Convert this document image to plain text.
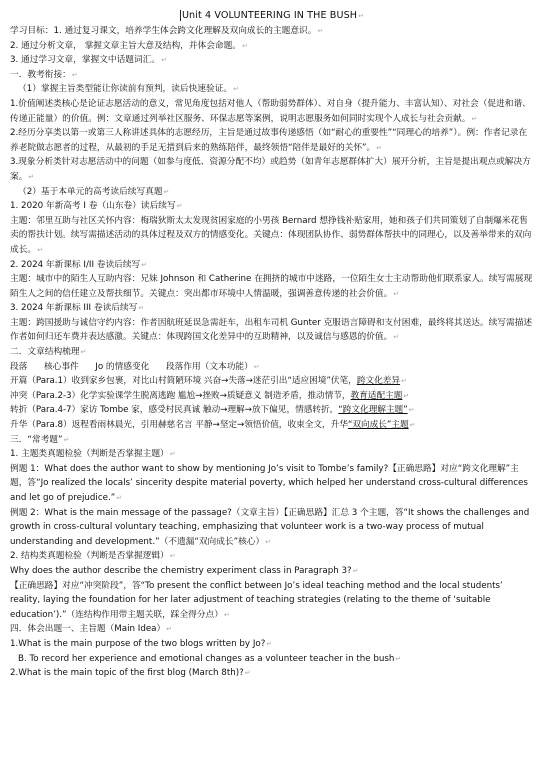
Unit 4 VOLUNTEERING IN THE BUSH↵

学习目标：1. 通过复习课文，培养学生体会跨文化理解及双向成长的主题意识。↵

2. 通过分析文章， 掌握文章主旨大意及结构，并体会命题。↵

3. 通过学习文章，掌握文中话题词汇。↵

一．教考衔接：↵

（1）掌握主旨类型能让你读前有预判，读后快速验证。↵

1.价值阐述类核心是论证志愿活动的意义，常见角度包括对他人（帮助弱势群体）、对自身（提升能力、丰富认知）、对社会（促进和谐、传递正能量）的价值。例：文章通过列举社区服务、环保志愿等案例，说明志愿服务如何同时实现个人成长与社会贡献。↵

2.经历分享类以第一或第三人称讲述具体的志愿经历，主旨是通过故事传递感悟（如“耐心的重要性”“同理心的培养”）。例：作者记录在养老院做志愿者的过程，从最初的手足无措到后来的熟练陪伴，最终领悟“陪伴是最好的关怀”。↵

3.现象分析类针对志愿活动中的问题（如参与度低、资源分配不均）或趋势（如青年志愿群体扩大）展开分析，主旨是提出观点或解决方案。↵

（2）基于本单元的高考读后续写真题↵

1. 2020 年新高考 I 卷（山东卷）读后续写↵

主题：邻里互助与社区关怀内容：梅瑞狄斯太太发现贫困家庭的小男孩 Bernard 想挣钱补贴家用，她和孩子们共同策划了自制爆米花售卖的帮扶计划。续写需描述活动的具体过程及双方的情感变化。关键点：体现团队协作、弱势群体帮扶中的同理心，以及善举带来的双向成长。↵

2. 2024 年新课标 I/II 卷读后续写↵

主题：城市中的陌生人互助内容：兄妹 Johnson 和 Catherine 在拥挤的城市中迷路，一位陌生女士主动帮助他们联系家人。续写需展现陌生人之间的信任建立及帮扶细节。关键点：突出都市环境中人情温暖，强调善意传递的社会价值。↵

3. 2024 年新课标 III 卷读后续写↵

主题：跨国援助与诚信守约内容：作者因航班延误急需赶车，出租车司机 Gunter 克服语言障碍和支付困难，最终将其送达。续写需描述作者如何归还车费并表达感激。关键点：体现跨国文化差异中的互助精神，以及诚信与感恩的价值。↵

二．文章结构梳理↵

段落      核心事件      Jo 的情感变化      段落作用（文本功能）↵

开篇（Para.1）收到家乡包裹，对比山村简陋环境 兴奋→失落→迷茫引出“适应困境”伏笔，跨文化差异↵

冲突（Para.2-3）化学实验课学生脱离逃跑 尴尬→挫败→质疑意义 制造矛盾，推动情节，教育适配主题↵

转折（Para.4-7）家访 Tombe 家，感受村民真诚 触动→理解→放下偏见，情感转折，“跨文化理解主题”↵

升华（Para.8）返程看雨林晨光，引用赫慈名言 平静→坚定→领悟价值，收束全文，升华“双向成长”主题↵

三．“常考题”↵

1. 主题类真题检验（判断是否掌握主题）↵

例题 1：What does the author want to show by mentioning Jo’s visit to Tombe’s family?【正确思路】对应“跨文化理解”主题，答“Jo realized the locals’ sincerity despite material poverty, which helped her understand cross-cultural differences and let go of prejudice.”↵

例题 2：What is the main message of the passage?（文章主旨）【正确思路】汇总 3 个主题，答“It shows the challenges and growth in cross-cultural voluntary teaching, emphasizing that volunteer work is a two-way process of mutual understanding and development.”（不遗漏“双向成长”核心）↵

2. 结构类真题检验（判断是否掌握逻辑）↵

Why does the author describe the chemistry experiment class in Paragraph 3?↵

【正确思路】对应“冲突阶段”，答“To present the conflict between Jo’s ideal teaching method and the local students’ reality, laying the foundation for her later adjustment of teaching strategies (relating to the theme of ‘suitable education’).”（连结构作用带主题关联，踩全得分点）↵

四．体会出题一、主旨题（Main Idea）↵

1.What is the main purpose of the two blogs written by Jo?↵

B. To record her experience and emotional changes as a volunteer teacher in the bush↵

2.What is the main topic of the first blog (March 8th)?↵
